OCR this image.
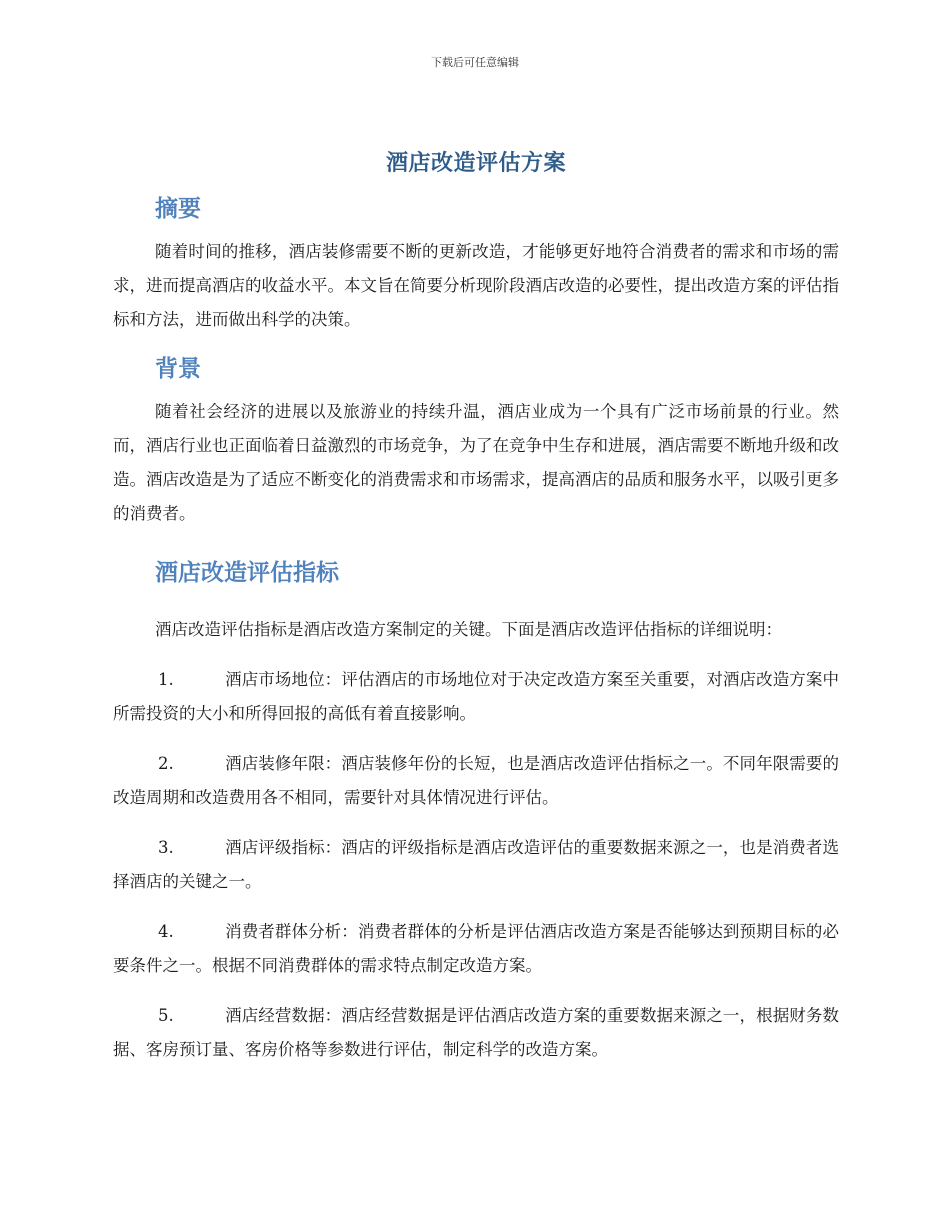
下载后可任意编辑
酒店改造评估方案
摘要

随着时间的推移，酒店装修需要不断的更新改造，才能够更好地符合消费者的需求和市场的需求，进而提高酒店的收益水平。本文旨在简要分析现阶段酒店改造的必要性，提出改造方案的评估指标和方法，进而做出科学的决策。

背景

随着社会经济的进展以及旅游业的持续升温，酒店业成为一个具有广泛市场前景的行业。然而，酒店行业也正面临着日益激烈的市场竞争，为了在竞争中生存和进展，酒店需要不断地升级和改造。酒店改造是为了适应不断变化的消费需求和市场需求，提高酒店的品质和服务水平，以吸引更多的消费者。

酒店改造评估指标

酒店改造评估指标是酒店改造方案制定的关键。下面是酒店改造评估指标的详细说明：

1.	酒店市场地位：评估酒店的市场地位对于决定改造方案至关重要，对酒店改造方案中所需投资的大小和所得回报的高低有着直接影响。
2.	酒店装修年限：酒店装修年份的长短，也是酒店改造评估指标之一。不同年限需要的改造周期和改造费用各不相同，需要针对具体情况进行评估。
3.	酒店评级指标：酒店的评级指标是酒店改造评估的重要数据来源之一，也是消费者选择酒店的关键之一。
4.	消费者群体分析：消费者群体的分析是评估酒店改造方案是否能够达到预期目标的必要条件之一。根据不同消费群体的需求特点制定改造方案。
5.	酒店经营数据：酒店经营数据是评估酒店改造方案的重要数据来源之一，根据财务数据、客房预订量、客房价格等参数进行评估，制定科学的改造方案。
